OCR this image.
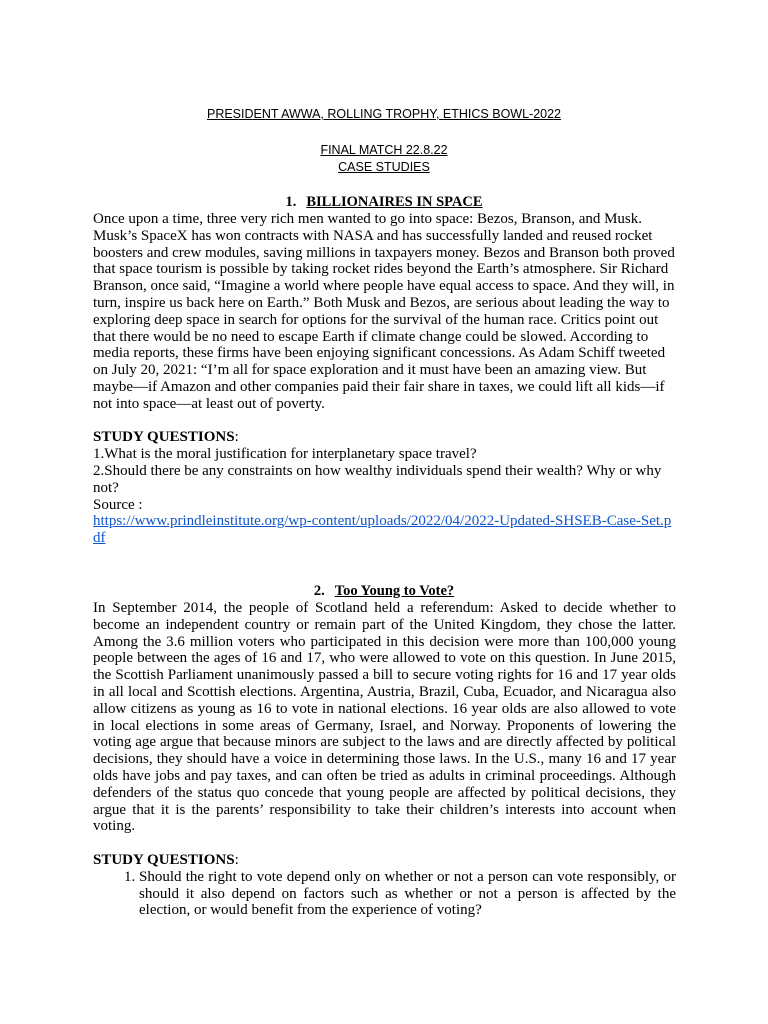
PRESIDENT AWWA, ROLLING TROPHY, ETHICS BOWL-2022
FINAL MATCH 22.8.22
CASE STUDIES
1. BILLIONAIRES IN SPACE

Once upon a time, three very rich men wanted to go into space: Bezos, Branson, and Musk. Musk’s SpaceX has won contracts with NASA and has successfully landed and reused rocket boosters and crew modules, saving millions in taxpayers money. Bezos and Branson both proved that space tourism is possible by taking rocket rides beyond the Earth’s atmosphere. Sir Richard Branson, once said, “Imagine a world where people have equal access to space. And they will, in turn, inspire us back here on Earth.” Both Musk and Bezos, are serious about leading the way to exploring deep space in search for options for the survival of the human race. Critics point out that there would be no need to escape Earth if climate change could be slowed. According to media reports, these firms have been enjoying significant concessions. As Adam Schiff tweeted on July 20, 2021: “I’m all for space exploration and it must have been an amazing view. But maybe—if Amazon and other companies paid their fair share in taxes, we could lift all kids—if not into space—at least out of poverty.

STUDY QUESTIONS:

1.What is the moral justification for interplanetary space travel?

2.Should there be any constraints on how wealthy individuals spend their wealth? Why or why not?

Source :

https://www.prindleinstitute.org/wp-content/uploads/2022/04/2022-Updated-SHSEB-Case-Set.pdf

2. Too Young to Vote?

In September 2014, the people of Scotland held a referendum: Asked to decide whether to become an independent country or remain part of the United Kingdom, they chose the latter. Among the 3.6 million voters who participated in this decision were more than 100,000 young people between the ages of 16 and 17, who were allowed to vote on this question. In June 2015, the Scottish Parliament unanimously passed a bill to secure voting rights for 16 and 17 year olds in all local and Scottish elections. Argentina, Austria, Brazil, Cuba, Ecuador, and Nicaragua also allow citizens as young as 16 to vote in national elections. 16 year olds are also allowed to vote in local elections in some areas of Germany, Israel, and Norway. Proponents of lowering the voting age argue that because minors are subject to the laws and are directly affected by political decisions, they should have a voice in determining those laws. In the U.S., many 16 and 17 year olds have jobs and pay taxes, and can often be tried as adults in criminal proceedings. Although defenders of the status quo concede that young people are affected by political decisions, they argue that it is the parents’ responsibility to take their children’s interests into account when voting.

STUDY QUESTIONS:

1. Should the right to vote depend only on whether or not a person can vote responsibly, or should it also depend on factors such as whether or not a person is affected by the election, or would benefit from the experience of voting?
